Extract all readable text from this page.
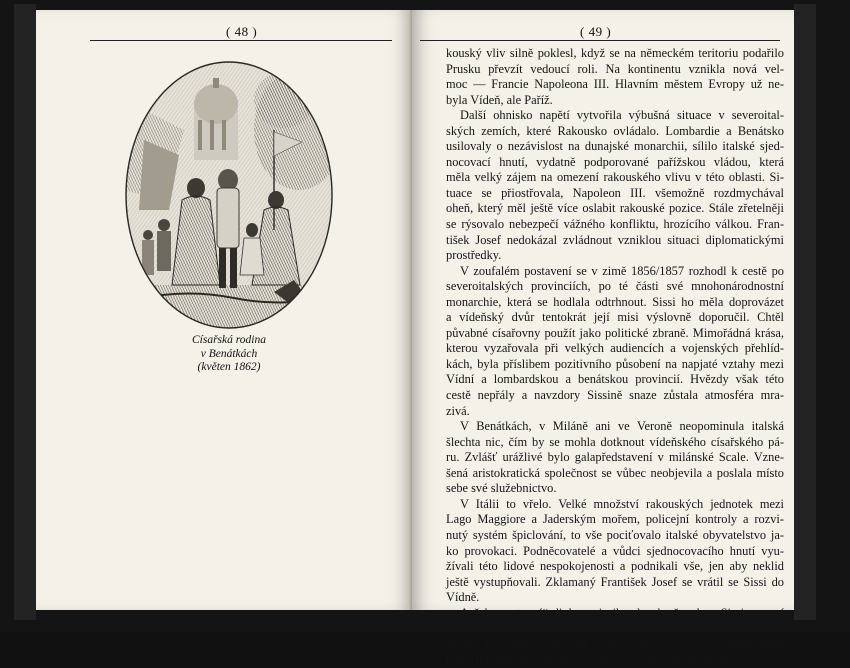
( 48 )
Císařská rodina
v Benátkách
(květen 1862)
( 49 )

kouský vliv silně poklesl, když se na německém teritoriu podařilo
Prusku převzít vedoucí roli. Na kontinentu vznikla nová vel-
moc — Francie Napoleona III. Hlavním městem Evropy už ne-
byla Vídeň, ale Paříž.

Další ohnisko napětí vytvořila výbušná situace v severoital-
ských zemích, které Rakousko ovládalo. Lombardie a Benátsko
usilovaly o nezávislost na dunajské monarchii, sílilo italské sjed-
nocovací hnutí, vydatně podporované pařížskou vládou, která
měla velký zájem na omezení rakouského vlivu v této oblasti. Si-
tuace se přiostřovala, Napoleon III. všemožně rozdmychával
oheň, který měl ještě více oslabit rakouské pozice. Stále zřetelněji
se rýsovalo nebezpečí vážného konfliktu, hrozícího válkou. Fran-
tišek Josef nedokázal zvládnout vzniklou situaci diplomatickými
prostředky.

V zoufalém postavení se v zimě 1856/1857 rozhodl k cestě po
severoitalských provinciích, po té části své mnohonárodnostní
monarchie, která se hodlala odtrhnout. Sissi ho měla doprovázet
a vídeňský dvůr tentokrát její misi výslovně doporučil. Chtěl
půvabné císařovny použít jako politické zbraně. Mimořádná krása,
kterou vyzařovala při velkých audiencích a vojenských přehlíd-
kách, byla příslibem pozitivního působení na napjaté vztahy mezi
Vídní a lombardskou a benátskou provincií. Hvězdy však této
cestě nepřály a navzdory Sissině snaze zůstala atmosféra mra-
zivá.

V Benátkách, v Miláně ani ve Veroně neopominula italská
šlechta nic, čím by se mohla dotknout vídeňského císařského pá-
ru. Zvlášť urážlivé bylo galapředstavení v milánské Scale. Vzne-
šená aristokratická společnost se vůbec neobjevila a poslala místo
sebe své služebnictvo.

V Itálii to vřelo. Velké množství rakouských jednotek mezi
Lago Maggiore a Jaderským mořem, policejní kontroly a rozvi-
nutý systém špiclování, to vše pociťovalo italské obyvatelstvo ja-
ko provokaci. Podněcovatelé a vůdci sjednocovacího hnutí vyu-
žívali této lidové nespokojenosti a podnikali vše, jen aby neklid
ještě vystupňovali. Zklamaný František Josef se vrátil se Sissi do
Vídně.

Avšak „cestovní“ diplomacie ihned pokračovala a Sissi se z ní
jen radovala. Každý den, který nemusela strávit ve Vídni, pova-
žovala za výhru. Neboť na cestách nebyla vystavena neustálému
podezíravému dozoru arcivévodkyně Žofie, nemusela pobývat
